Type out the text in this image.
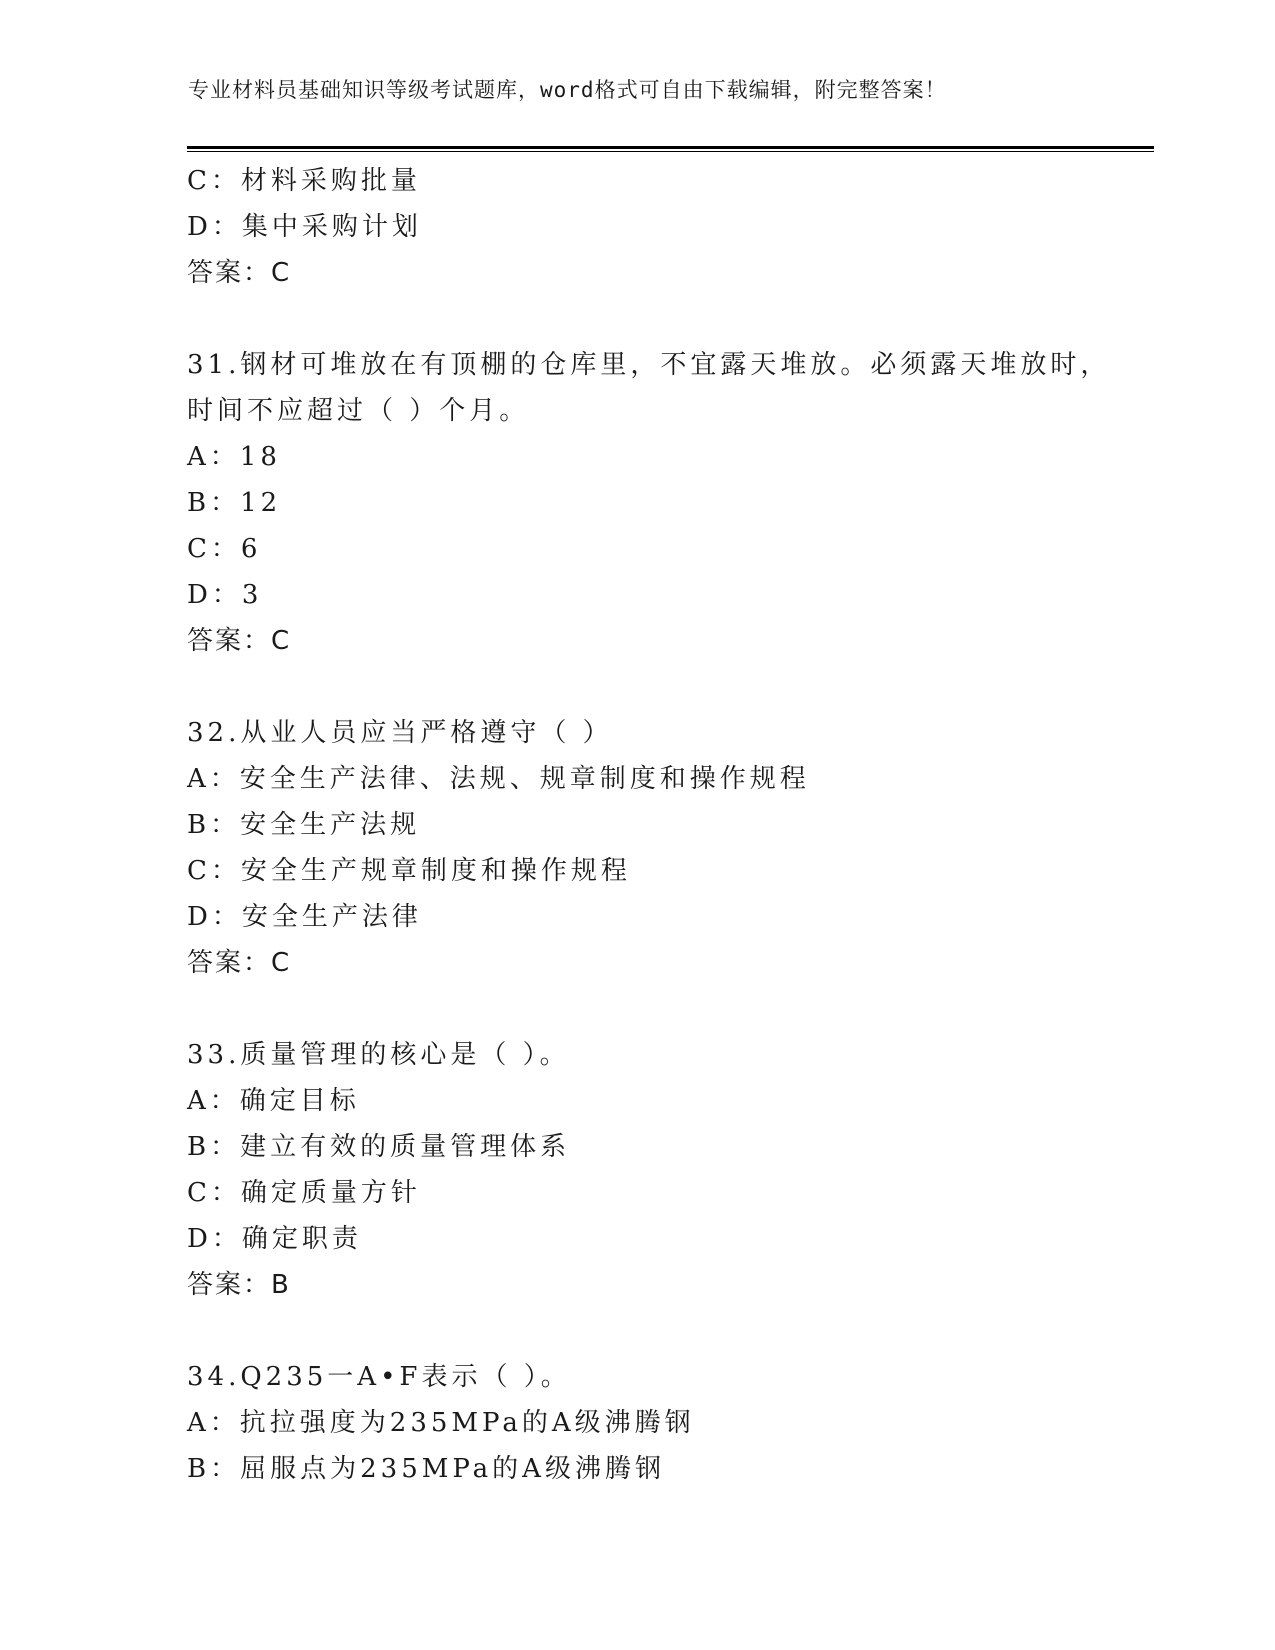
专业材料员基础知识等级考试题库，word格式可自由下载编辑，附完整答案！
C：材料采购批量
D：集中采购计划
答案：C
31.钢材可堆放在有顶棚的仓库里，不宜露天堆放。必须露天堆放时，
时间不应超过（ ）个月。
A：18
B：12
C：6
D：3
答案：C
32.从业人员应当严格遵守（ ）
A：安全生产法律、法规、规章制度和操作规程
B：安全生产法规
C：安全生产规章制度和操作规程
D：安全生产法律
答案：C
33.质量管理的核心是（ ）。
A：确定目标
B：建立有效的质量管理体系
C：确定质量方针
D：确定职责
答案：B
34.Q235一A•F表示（ ）。
A：抗拉强度为235MPa的A级沸腾钢
B：屈服点为235MPa的A级沸腾钢
